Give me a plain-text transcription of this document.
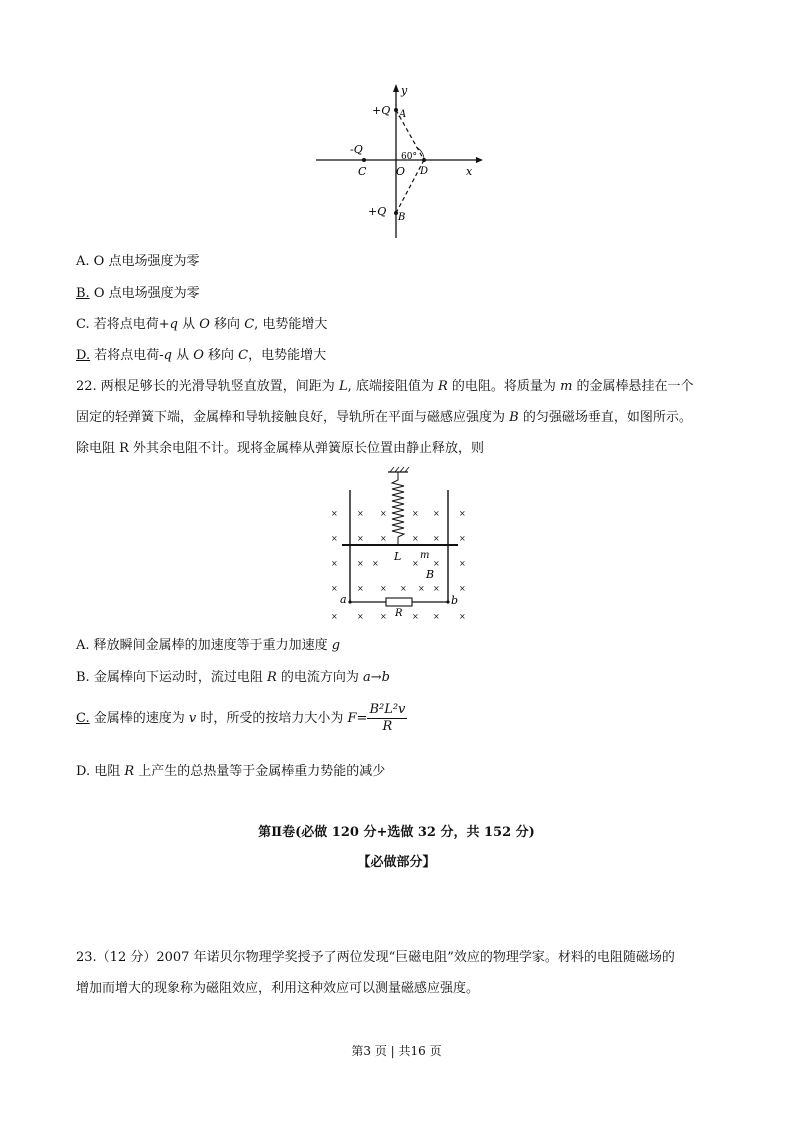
y
x
+Q A
-Q
C	O D
60°
+Q B
A. O 点电场强度为零
B. O 点电场强度为零
C. 若将点电荷+q 从 O 移向 C, 电势能增大
D. 若将点电荷-q 从 O 移向 C，电势能增大
22. 两根足够长的光滑导轨竖直放置，间距为 L, 底端接阻值为 R 的电阻。将质量为 m 的金属棒悬挂在一个
固定的轻弹簧下端，金属棒和导轨接触良好，导轨所在平面与磁感应强度为 B 的匀强磁场垂直，如图所示。
除电阻 R 外其余电阻不计。现将金属棒从弹簧原长位置由静止释放，则
× × ×	× × ×
× × ×	× × ×
× × ×	× × ×
× × × × × × ×
× × ×	× × ×
L m
B
a	b
R
A. 释放瞬间金属棒的加速度等于重力加速度 g
B. 金属棒向下运动时，流过电阻 R 的电流方向为 a→b
C. 金属棒的速度为 v 时，所受的按培力大小为 $F= \frac{\text{B²L²v}}{R}$
D. 电阻 R 上产生的总热量等于金属棒重力势能的减少
第Ⅱ卷(必做 120 分+选做 32 分，共 152 分)
【必做部分】
23.（12 分）2007 年诺贝尔物理学奖授予了两位发现“巨磁电阻”效应的物理学家。材料的电阻随磁场的
增加而增大的现象称为磁阻效应，利用这种效应可以测量磁感应强度。
第3 页 | 共16 页
